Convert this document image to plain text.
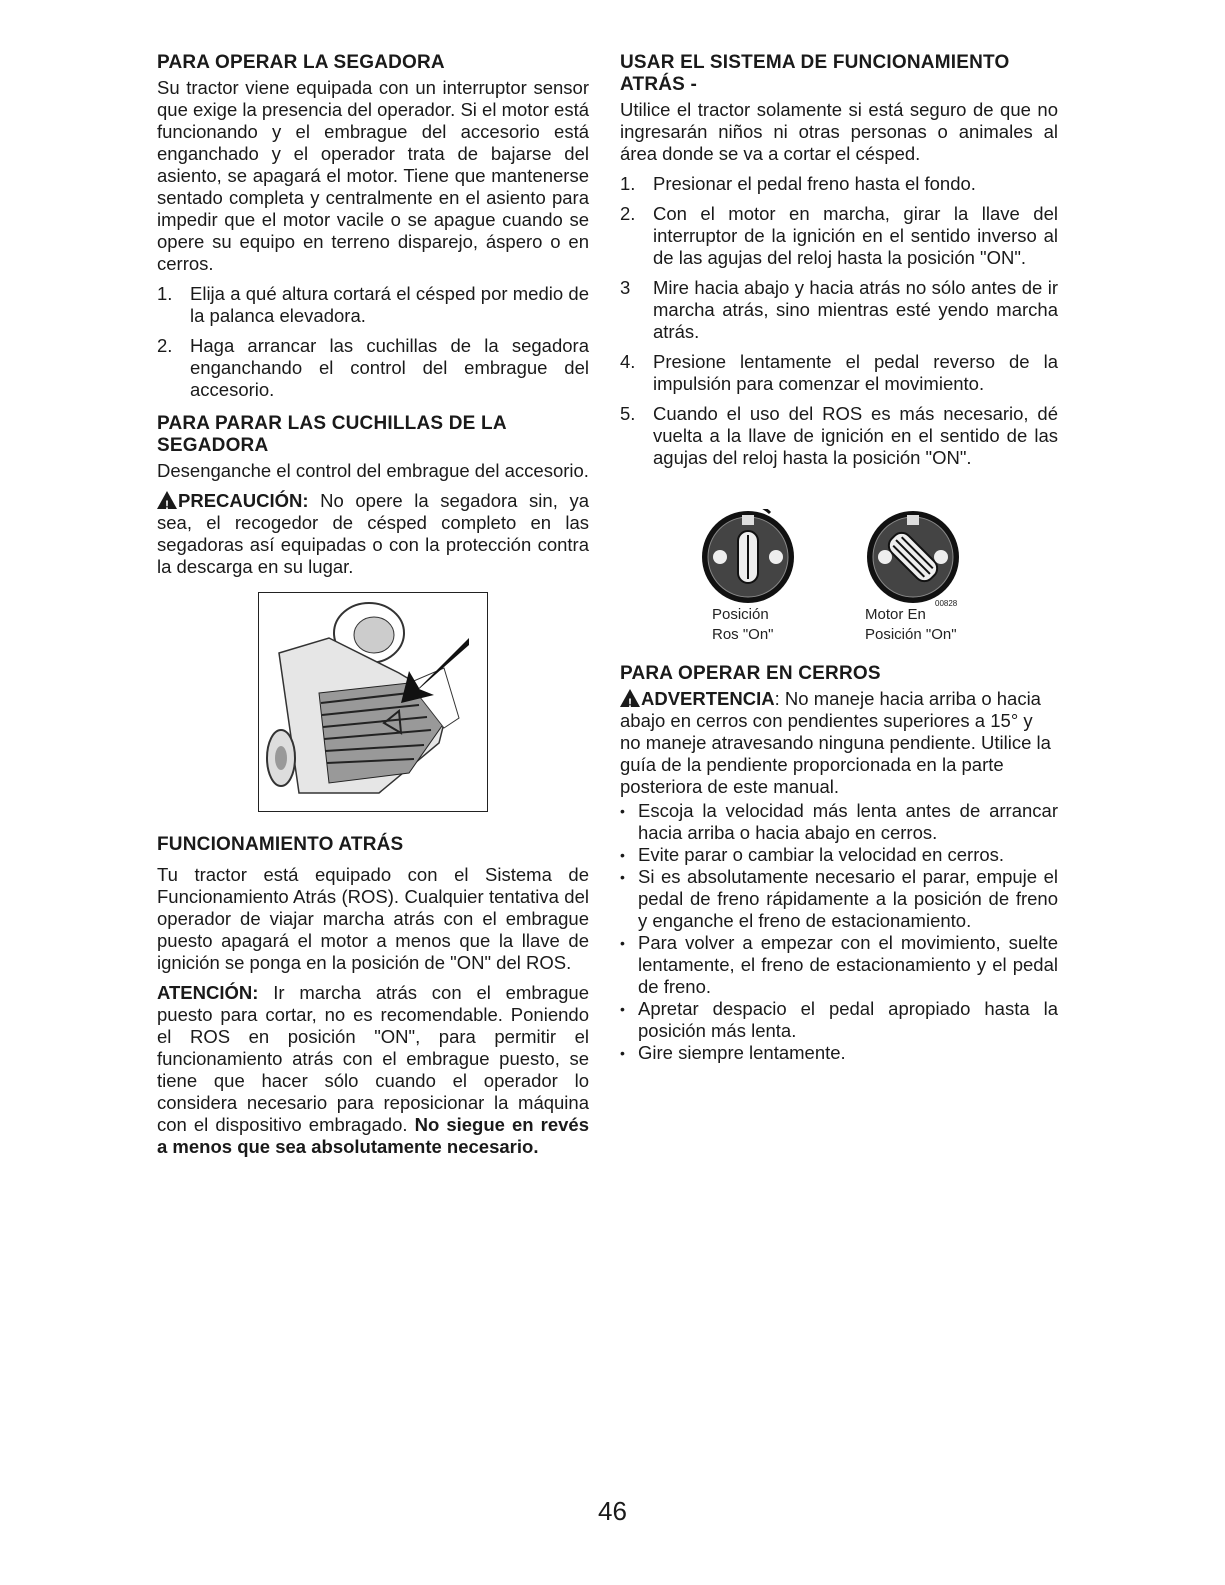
PARA OPERAR LA SEGADORA

Su tractor viene equipada con un interruptor sensor que exige la presencia del operador. Si el motor está funcionando y el embrague del accesorio está enganchado y el operador trata de bajarse del asiento, se apagará el motor. Tiene que mantenerse sentado completa y centralmente en el asiento para impedir que el motor vacile o se apague cuando se opere su equipo en terreno disparejo, áspero o en cerros.

1. Elija a qué altura cortará el césped por medio de la palanca elevadora.
2. Haga arrancar las cuchillas de la segadora enganchando el control del embrague del accesorio.
PARA PARAR LAS CUCHILLAS DE LA SEGADORA

Desenganche el control del embrague del accesorio.

!PRECAUCIÓN: No opere la segadora sin, ya sea, el recogedor de césped completo en las segadoras así equipadas o con la protección contra la descarga en su lugar.

FUNCIONAMIENTO ATRÁS

Tu tractor está equipado con el Sistema de Funcionamiento Atrás (ROS). Cualquier tentativa del operador de viajar marcha atrás con el embrague puesto apagará el motor a menos que la llave de ignición se ponga en la posición de "ON" del ROS.

ATENCIÓN: Ir marcha atrás con el embrague puesto para cortar, no es recomendable. Poniendo el ROS en posición "ON", para permitir el funcionamiento atrás con el embrague puesto, se tiene que hacer sólo cuando el operador lo considera necesario para reposicionar la máquina con el dispositivo embragado. No siegue en revés a menos que sea absolutamente necesario.

USAR EL SISTEMA DE FUNCIONAMIENTO ATRÁS -

Utilice el tractor solamente si está seguro de que no ingresarán niños ni otras personas o animales al área donde se va a cortar el césped.

1. Presionar el pedal freno hasta el fondo.
2. Con el motor en marcha, girar la llave del interruptor de la ignición en el sentido inverso al de las agujas del reloj hasta la posición "ON".
3 Mire hacia abajo y hacia atrás no sólo antes de ir marcha atrás, sino mientras esté yendo marcha atrás.
4. Presione lentamente el pedal reverso de la impulsión para comenzar el movimiento.
5. Cuando el uso del ROS es más necesario, dé vuelta a la llave de ignición en el sentido de las agujas del reloj hasta la posición "ON".
Posición
Ros "On"
Motor En
Posición "On"
00828
PARA OPERAR EN CERROS

!ADVERTENCIA: No maneje hacia arriba o hacia abajo en cerros con pendientes superiores a 15° y no maneje atravesando ninguna pendiente. Utilice la guía de la pendiente proporcionada en la parte posteriora de este manual.

• Escoja la velocidad más lenta antes de arrancar hacia arriba o hacia abajo en cerros.
• Evite parar o cambiar la velocidad en cerros.
• Si es absolutamente necesario el parar, empuje el pedal de freno rápidamente a la posición de freno y enganche el freno de estacionamiento.
• Para volver a empezar con el movimiento, suelte lentamente, el freno de estacionamiento y el pedal de freno.
• Apretar despacio el pedal apropiado hasta la posición más lenta.
• Gire siempre lentamente.
46
